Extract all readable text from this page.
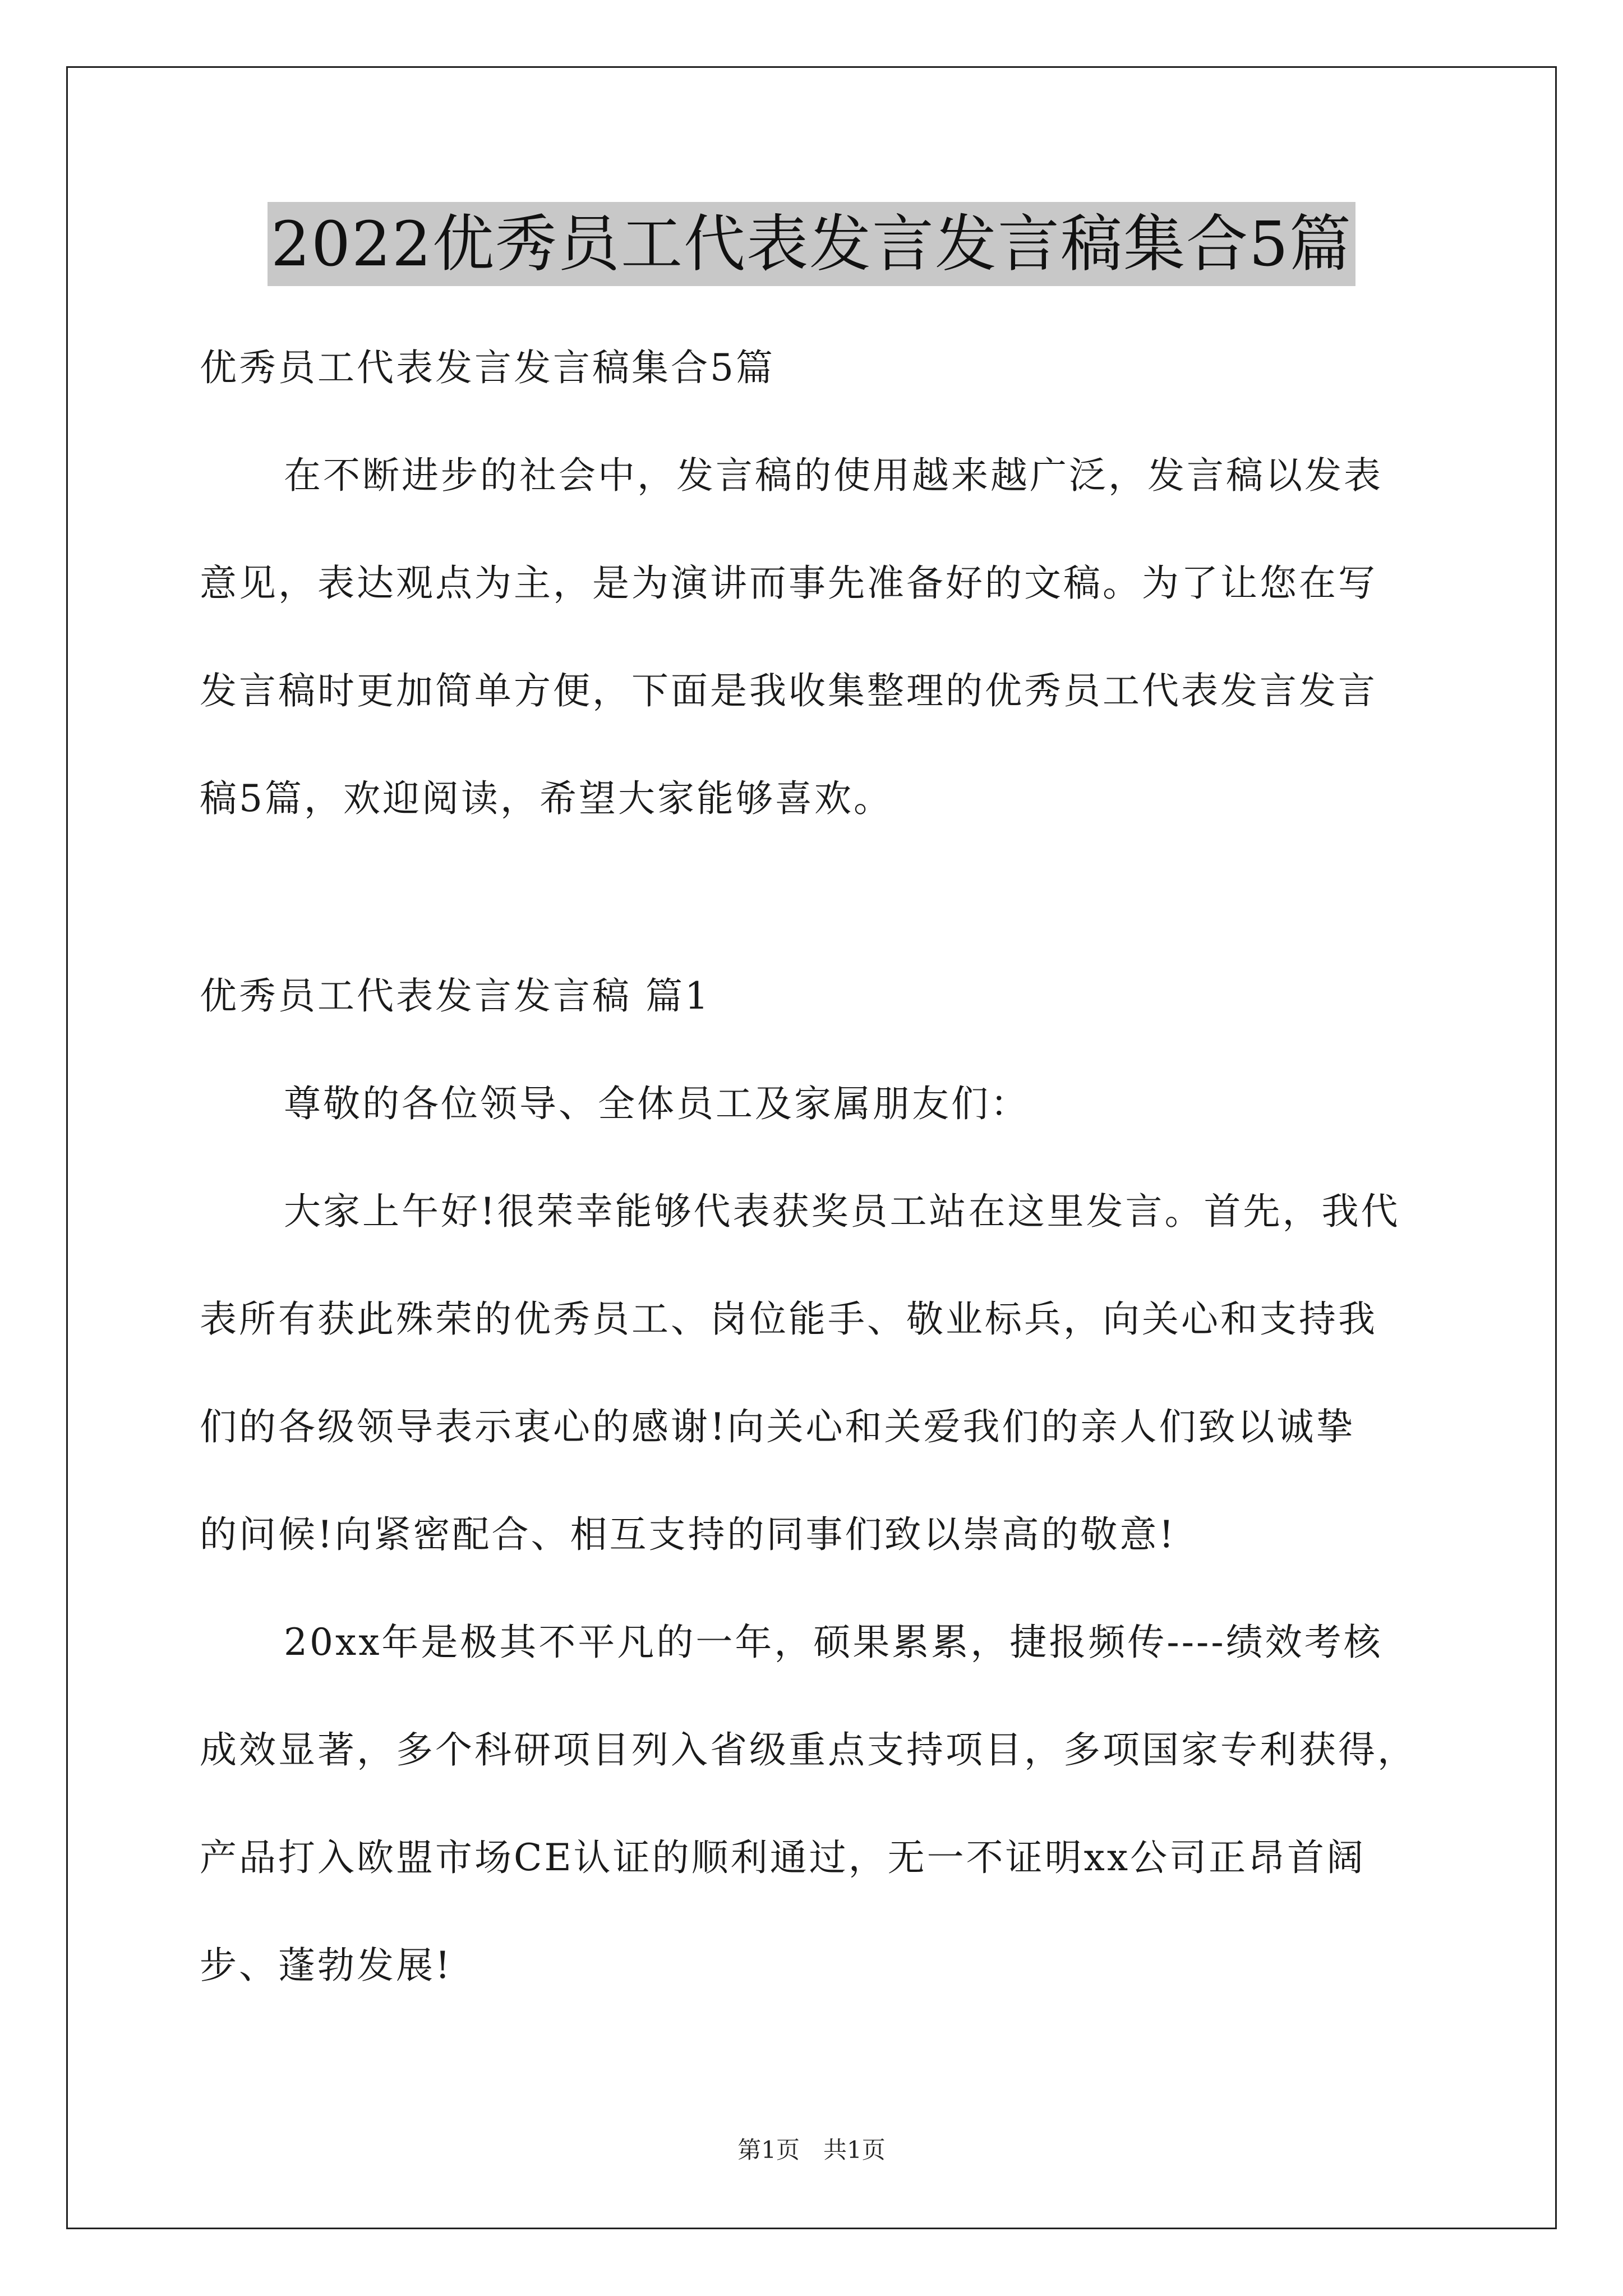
2022优秀员工代表发言发言稿集合5篇
优秀员工代表发言发言稿集合5篇
在不断进步的社会中，发言稿的使用越来越广泛，发言稿以发表
意见，表达观点为主，是为演讲而事先准备好的文稿。为了让您在写
发言稿时更加简单方便，下面是我收集整理的优秀员工代表发言发言
稿5篇，欢迎阅读，希望大家能够喜欢。
优秀员工代表发言发言稿 篇1
尊敬的各位领导、全体员工及家属朋友们：
大家上午好!很荣幸能够代表获奖员工站在这里发言。首先，我代
表所有获此殊荣的优秀员工、岗位能手、敬业标兵，向关心和支持我
们的各级领导表示衷心的感谢!向关心和关爱我们的亲人们致以诚挚
的问候!向紧密配合、相互支持的同事们致以崇高的敬意!
20xx年是极其不平凡的一年，硕果累累，捷报频传----绩效考核
成效显著，多个科研项目列入省级重点支持项目，多项国家专利获得，
产品打入欧盟市场CE认证的顺利通过，无一不证明xx公司正昂首阔
步、蓬勃发展!
第1页　共1页
